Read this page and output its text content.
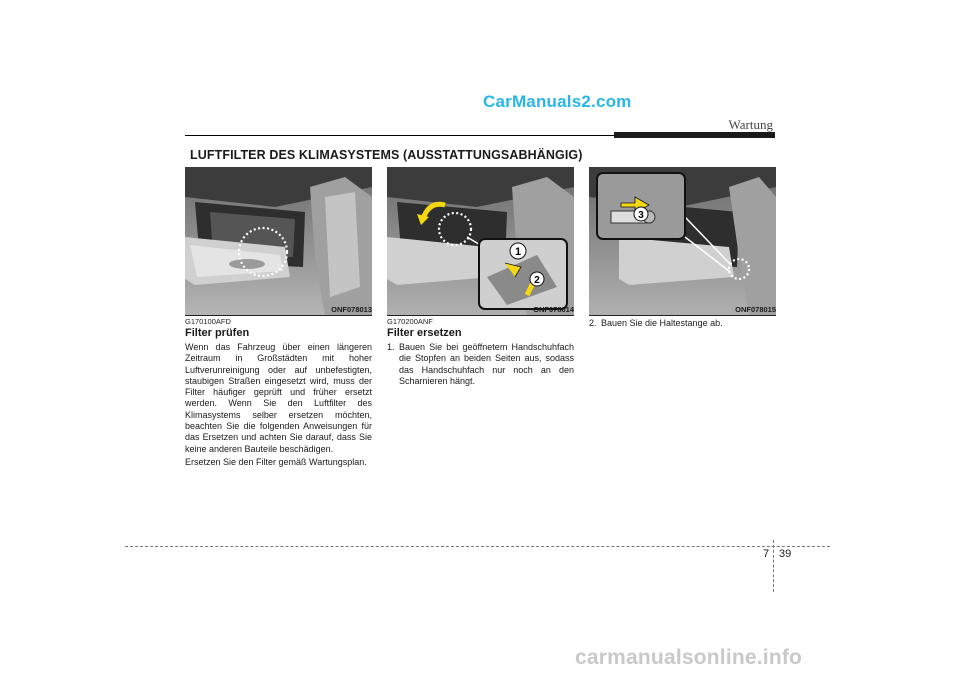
CarManuals2.com
carmanualsonline.info
Wartung
LUFTFILTER DES KLIMASYSTEMS (AUSSTATTUNGSABHÄNGIG)
ONF078013
1
2
ONF078014
3
ONF078015
G170100AFD
Filter prüfen

Wenn das Fahrzeug über einen längeren Zeitraum in Großstädten mit hoher Luftverunreinigung oder auf unbefestigten, staubigen Straßen eingesetzt wird, muss der Filter häufiger geprüft und früher ersetzt werden. Wenn Sie den Luftfilter des Klimasystems selber ersetzen möchten, beachten Sie die folgenden Anweisungen für das Ersetzen und achten Sie darauf, dass Sie keine anderen Bauteile beschädigen.

Ersetzen Sie den Filter gemäß Wartungsplan.

G170200ANF
Filter ersetzen
1. Bauen Sie bei geöffnetem Handschuhfach die Stopfen an beiden Seiten aus, sodass das Handschuhfach nur noch an den Scharnieren hängt.
2. Bauen Sie die Haltestange ab.
7 39
